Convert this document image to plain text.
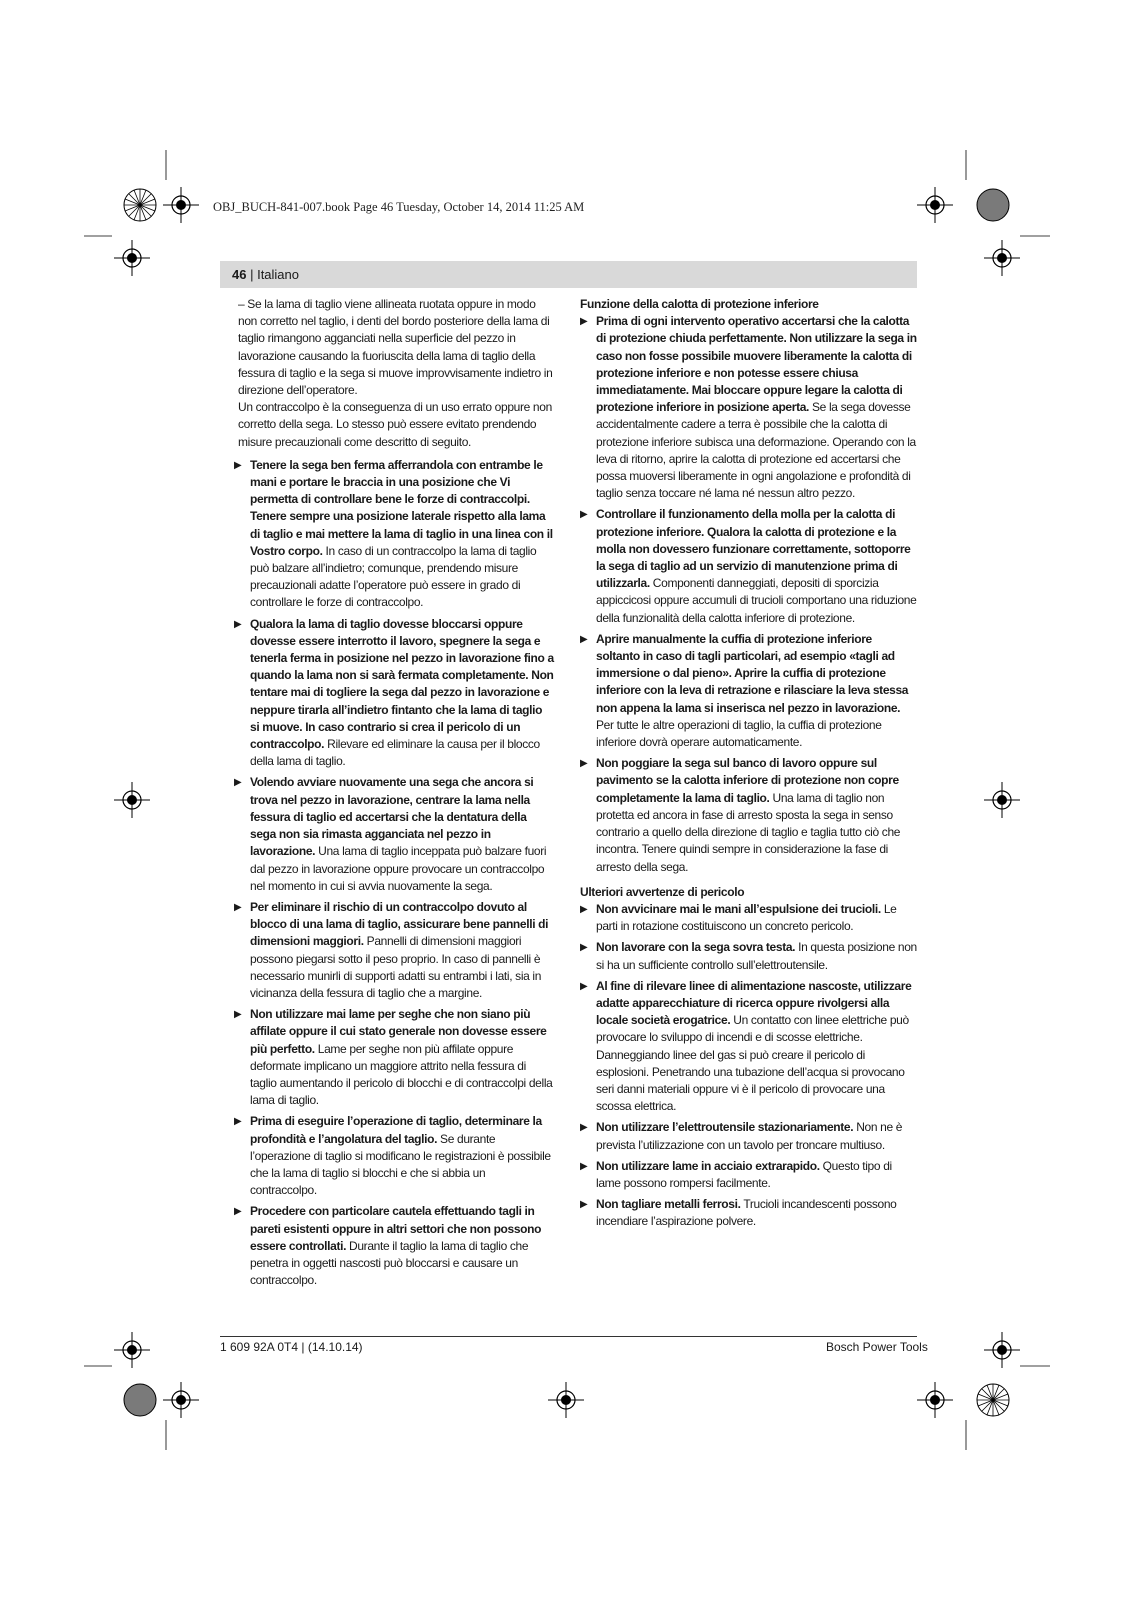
OBJ_BUCH-841-007.book Page 46 Tuesday, October 14, 2014 11:25 AM
46 | Italiano

– Se la lama di taglio viene allineata ruotata oppure in modo non corretto nel taglio, i denti del bordo posteriore della lama di taglio rimangono agganciati nella superficie del pezzo in lavorazione causando la fuoriuscita della lama di taglio della fessura di taglio e la sega si muove improvvisamente indietro in direzione dell’operatore.

Un contraccolpo è la conseguenza di un uso errato oppure non corretto della sega. Lo stesso può essere evitato prendendo misure precauzionali come descritto di seguito.

▶ Tenere la sega ben ferma afferrandola con entrambe le mani e portare le braccia in una posizione che Vi permetta di controllare bene le forze di contraccolpi. Tenere sempre una posizione laterale rispetto alla lama di taglio e mai mettere la lama di taglio in una linea con il Vostro corpo. In caso di un contraccolpo la lama di taglio può balzare all’indietro; comunque, prendendo misure precauzionali adatte l’operatore può essere in grado di controllare le forze di contraccolpo.
▶ Qualora la lama di taglio dovesse bloccarsi oppure dovesse essere interrotto il lavoro, spegnere la sega e tenerla ferma in posizione nel pezzo in lavorazione fino a quando la lama non si sarà fermata completamente. Non tentare mai di togliere la sega dal pezzo in lavorazione e neppure tirarla all’indietro fintanto che la lama di taglio si muove. In caso contrario si crea il pericolo di un contraccolpo. Rilevare ed eliminare la causa per il blocco della lama di taglio.
▶ Volendo avviare nuovamente una sega che ancora si trova nel pezzo in lavorazione, centrare la lama nella fessura di taglio ed accertarsi che la dentatura della sega non sia rimasta agganciata nel pezzo in lavorazione. Una lama di taglio inceppata può balzare fuori dal pezzo in lavorazione oppure provocare un contraccolpo nel momento in cui si avvia nuovamente la sega.
▶ Per eliminare il rischio di un contraccolpo dovuto al blocco di una lama di taglio, assicurare bene pannelli di dimensioni maggiori. Pannelli di dimensioni maggiori possono piegarsi sotto il peso proprio. In caso di pannelli è necessario munirli di supporti adatti su entrambi i lati, sia in vicinanza della fessura di taglio che a margine.
▶ Non utilizzare mai lame per seghe che non siano più affilate oppure il cui stato generale non dovesse essere più perfetto. Lame per seghe non più affilate oppure deformate implicano un maggiore attrito nella fessura di taglio aumentando il pericolo di blocchi e di contraccolpi della lama di taglio.
▶ Prima di eseguire l’operazione di taglio, determinare la profondità e l’angolatura del taglio. Se durante l’operazione di taglio si modificano le registrazioni è possibile che la lama di taglio si blocchi e che si abbia un contraccolpo.
▶ Procedere con particolare cautela effettuando tagli in pareti esistenti oppure in altri settori che non possono essere controllati. Durante il taglio la lama di taglio che penetra in oggetti nascosti può bloccarsi e causare un contraccolpo.

Funzione della calotta di protezione inferiore

▶ Prima di ogni intervento operativo accertarsi che la calotta di protezione chiuda perfettamente. Non utilizzare la sega in caso non fosse possibile muovere liberamente la calotta di protezione inferiore e non potesse essere chiusa immediatamente. Mai bloccare oppure legare la calotta di protezione inferiore in posizione aperta. Se la sega dovesse accidentalmente cadere a terra è possibile che la calotta di protezione inferiore subisca una deformazione. Operando con la leva di ritorno, aprire la calotta di protezione ed accertarsi che possa muoversi liberamente in ogni angolazione e profondità di taglio senza toccare né lama né nessun altro pezzo.
▶ Controllare il funzionamento della molla per la calotta di protezione inferiore. Qualora la calotta di protezione e la molla non dovessero funzionare correttamente, sottoporre la sega di taglio ad un servizio di manutenzione prima di utilizzarla. Componenti danneggiati, depositi di sporcizia appiccicosi oppure accumuli di trucioli comportano una riduzione della funzionalità della calotta inferiore di protezione.
▶ Aprire manualmente la cuffia di protezione inferiore soltanto in caso di tagli particolari, ad esempio «tagli ad immersione o dal pieno». Aprire la cuffia di protezione inferiore con la leva di retrazione e rilasciare la leva stessa non appena la lama si inserisca nel pezzo in lavorazione. Per tutte le altre operazioni di taglio, la cuffia di protezione inferiore dovrà operare automaticamente.
▶ Non poggiare la sega sul banco di lavoro oppure sul pavimento se la calotta inferiore di protezione non copre completamente la lama di taglio. Una lama di taglio non protetta ed ancora in fase di arresto sposta la sega in senso contrario a quello della direzione di taglio e taglia tutto ciò che incontra. Tenere quindi sempre in considerazione la fase di arresto della sega.

Ulteriori avvertenze di pericolo

▶ Non avvicinare mai le mani all’espulsione dei trucioli. Le parti in rotazione costituiscono un concreto pericolo.
▶ Non lavorare con la sega sovra testa. In questa posizione non si ha un sufficiente controllo sull’elettroutensile.
▶ Al fine di rilevare linee di alimentazione nascoste, utilizzare adatte apparecchiature di ricerca oppure rivolgersi alla locale società erogatrice. Un contatto con linee elettriche può provocare lo sviluppo di incendi e di scosse elettriche. Danneggiando linee del gas si può creare il pericolo di esplosioni. Penetrando una tubazione dell’acqua si provocano seri danni materiali oppure vi è il pericolo di provocare una scossa elettrica.
▶ Non utilizzare l’elettroutensile stazionariamente. Non ne è prevista l’utilizzazione con un tavolo per troncare multiuso.
▶ Non utilizzare lame in acciaio extrarapido. Questo tipo di lame possono rompersi facilmente.
▶ Non tagliare metalli ferrosi. Trucioli incandescenti possono incendiare l’aspirazione polvere.
1 609 92A 0T4 | (14.10.14)	Bosch Power Tools
